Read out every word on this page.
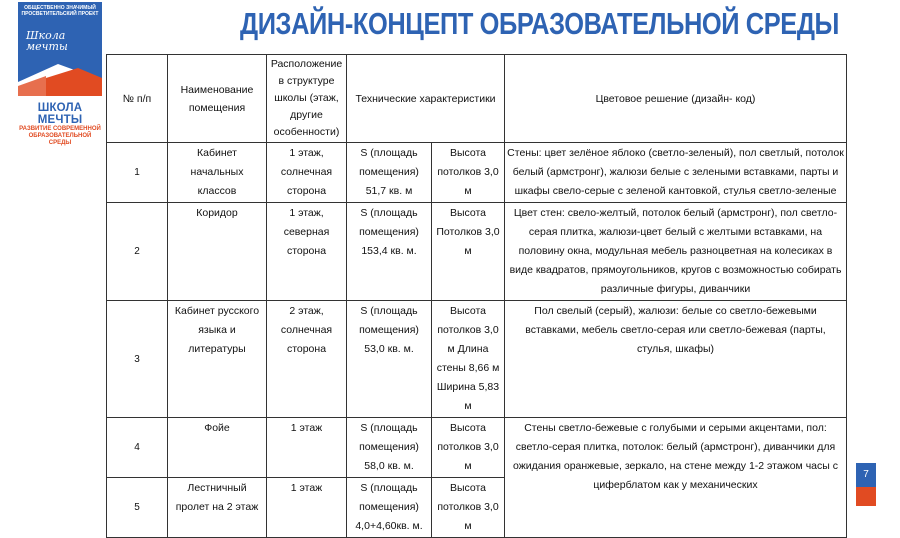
ОБЩЕСТВЕННО ЗНАЧИМЫЙ ПРОСВЕТИТЕЛЬСКИЙ ПРОЕКТ
Школа мечты
ШКОЛА МЕЧТЫ
РАЗВИТИЕ СОВРЕМЕННОЙ ОБРАЗОВАТЕЛЬНОЙ СРЕДЫ
ДИЗАЙН-КОНЦЕПТ ОБРАЗОВАТЕЛЬНОЙ СРЕДЫ
№ п/п	Наименование помещения	Расположение в структуре школы (этаж, другие особенности)	Технические характеристики		Цветовое решение (дизайн- код)
1	Кабинет начальных классов	1 этаж, солнечная сторона	S (площадь помещения) 51,7 кв. м	Высота потолков 3,0 м	Стены: цвет зелёное яблоко (светло-зеленый), пол светлый, потолок белый (армстронг), жалюзи белые с зелеными вставками, парты и шкафы свело-серые с зеленой кантовкой, стулья светло-зеленые
2	Коридор	1 этаж, северная сторона	S (площадь помещения) 153,4 кв. м.	Высота Потолков 3,0 м	Цвет стен: свело-желтый, потолок белый (армстронг), пол светло-серая плитка, жалюзи-цвет белый с желтыми вставками, на половину окна, модульная мебель разноцветная на колесиках в виде квадратов, прямоугольников, кругов с возможностью собирать различные фигуры, диванчики
3	Кабинет русского языка и литературы	2 этаж, солнечная сторона	S (площадь помещения) 53,0 кв. м.	Высота потолков 3,0 м Длина стены 8,66 м Ширина 5,83 м	Пол свелый (серый), жалюзи: белые со светло-бежевыми вставками, мебель светло-серая или светло-бежевая (парты, стулья, шкафы)
4	Фойе	1 этаж	S (площадь помещения) 58,0 кв. м.	Высота потолков 3,0 м	Стены светло-бежевые с голубыми и серыми акцентами, пол: светло-серая плитка, потолок: белый (армстронг), диванчики для ожидания оранжевые, зеркало, на стене между 1-2 этажом часы с циферблатом как у механических
5	Лестничный пролет на 2 этаж	1 этаж	S (площадь помещения) 4,0+4,60кв. м.	Высота потолков 3,0 м	
7
